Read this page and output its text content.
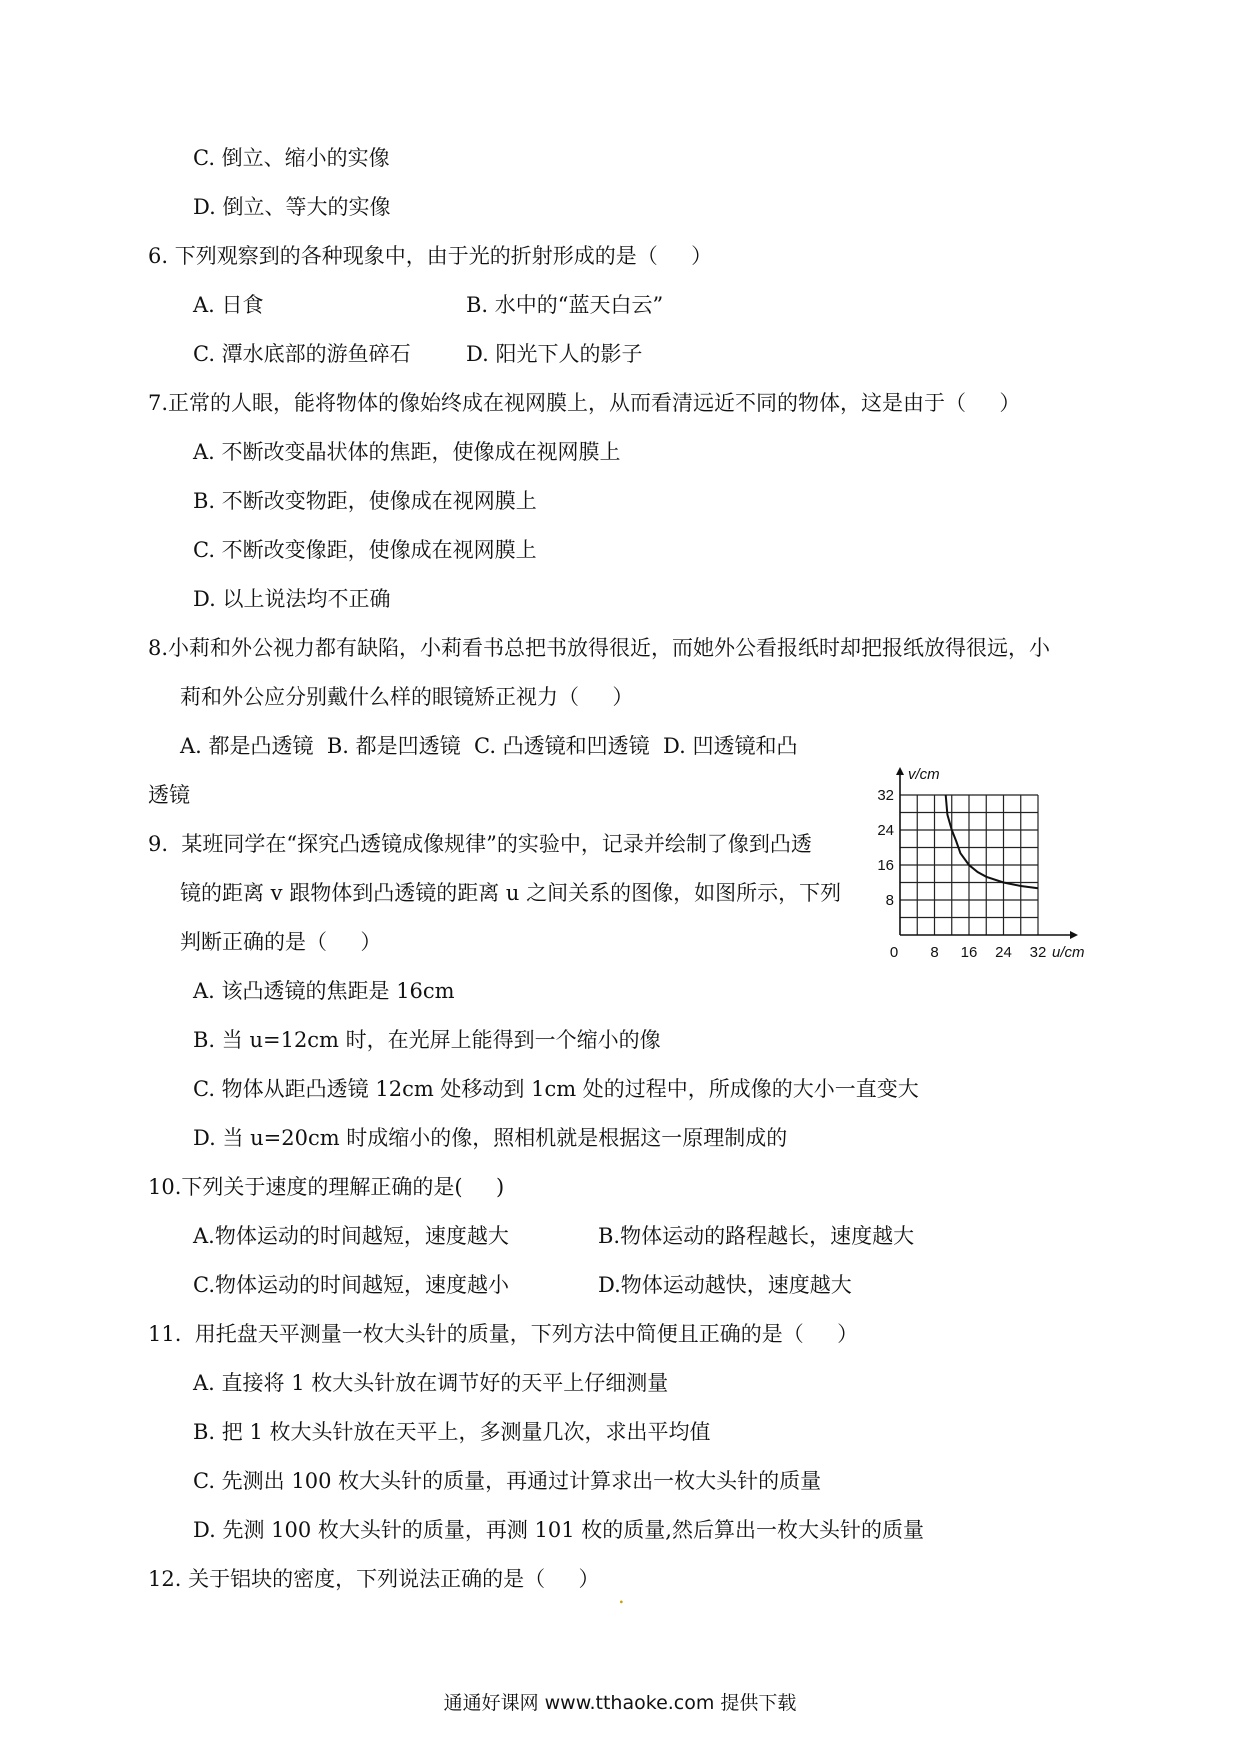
C. 倒立、缩小的实像
D. 倒立、等大的实像
6. 下列观察到的各种现象中，由于光的折射形成的是（     ）
A. 日食	B. 水中的“蓝天白云”
C. 潭水底部的游鱼碎石	D. 阳光下人的影子
7.正常的人眼，能将物体的像始终成在视网膜上，从而看清远近不同的物体，这是由于（     ）
A. 不断改变晶状体的焦距，使像成在视网膜上
B. 不断改变物距，使像成在视网膜上
C. 不断改变像距，使像成在视网膜上
D. 以上说法均不正确
8.小莉和外公视力都有缺陷，小莉看书总把书放得很近，而她外公看报纸时却把报纸放得很远，小
莉和外公应分别戴什么样的眼镜矫正视力（     ）
A. 都是凸透镜  B. 都是凹透镜  C. 凸透镜和凹透镜  D. 凹透镜和凸
透镜
9.  某班同学在“探究凸透镜成像规律”的实验中，记录并绘制了像到凸透
镜的距离 v 跟物体到凸透镜的距离 u 之间关系的图像，如图所示，下列
判断正确的是（     ）
A. 该凸透镜的焦距是 16cm
B. 当 u=12cm 时，在光屏上能得到一个缩小的像
C. 物体从距凸透镜 12cm 处移动到 1cm 处的过程中，所成像的大小一直变大
D. 当 u=20cm 时成缩小的像，照相机就是根据这一原理制成的
10.下列关于速度的理解正确的是(     )
A.物体运动的时间越短，速度越大	B.物体运动的路程越长，速度越大
C.物体运动的时间越短，速度越小	D.物体运动越快，速度越大
11.  用托盘天平测量一枚大头针的质量，下列方法中简便且正确的是（     ）
A. 直接将 1 枚大头针放在调节好的天平上仔细测量
B. 把 1 枚大头针放在天平上，多测量几次，求出平均值
C. 先测出 100 枚大头针的质量，再通过计算求出一枚大头针的质量
D. 先测 100 枚大头针的质量，再测 101 枚的质量,然后算出一枚大头针的质量
12. 关于铝块的密度，下列说法正确的是（     ）
.
8 16 24 32
8
16
24
32
0	u/cm
v/cm
通通好课网 www.tthaoke.com 提供下载
